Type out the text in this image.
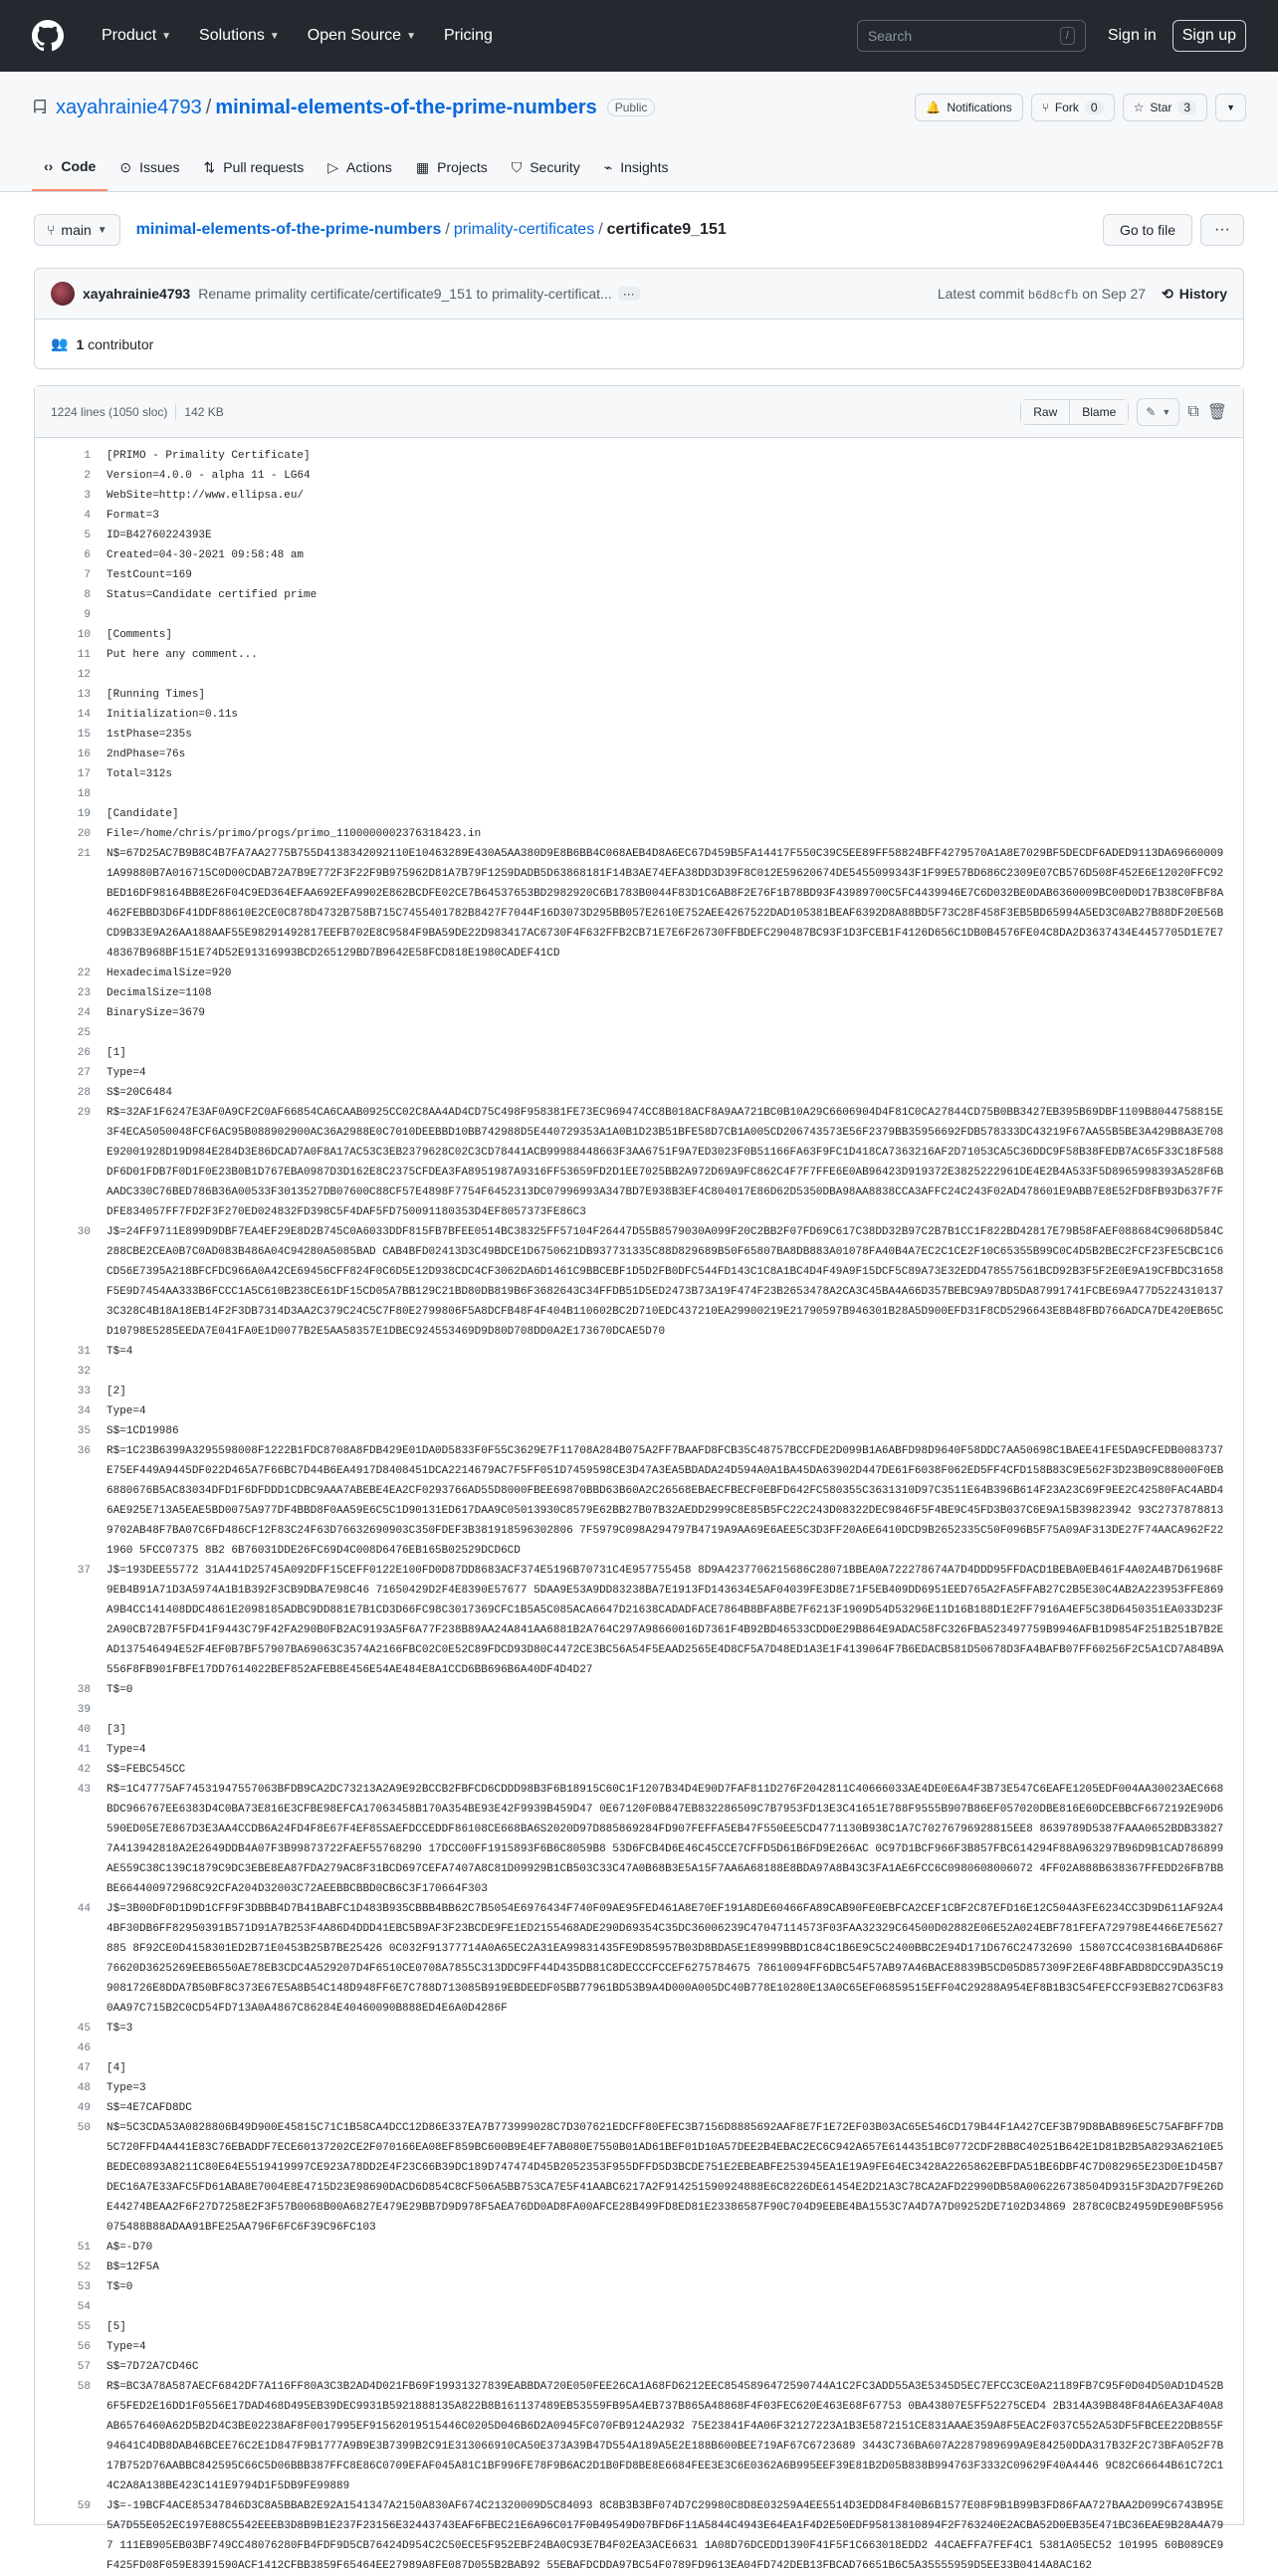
Product ▼ Solutions ▼ Open Source ▼ Pricing	Search	/	Sign in	Sign up
xayahrainie4793 / minimal-elements-of-the-prime-numbers	Public	🔔 Notifications	⑂ Fork	0	☆ Star	3	▼
‹› Code ⊙ Issues ⇅ Pull requests ▷ Actions ▦ Projects ⛉ Security ⌁ Insights
⑂ main ▼ minimal-elements-of-the-prime-numbers / primality-certificates / certificate9_151	Go to file	···
xayahrainie4793 Rename primality certificate/certificate9_151 to primality-certificat... ···	Latest commit b6d8cfb on Sep 27 ⟲ History
👥 1 contributor
1224 lines (1050 sloc) 142 KB	Raw	Blame	✎ ▼ ⧉ 🗑
1	[PRIMO - Primality Certificate]
2	Version=4.0.0 - alpha 11 - LG64
3	WebSite=http://www.ellipsa.eu/
4	Format=3
5	ID=B42760224393E
6	Created=04-30-2021 09:58:48 am
7	TestCount=169
8	Status=Candidate certified prime
9
10	[Comments]
11	Put here any comment...
12
13	[Running Times]
14	Initialization=0.11s
15	1stPhase=235s
16	2ndPhase=76s
17	Total=312s
18
19	[Candidate]
20	File=/home/chris/primo/progs/primo_1100000002376318423.in
21	N$=67D25AC7B9B8C4B7FA7AA2775B755D4138342092110E10463289E430A5AA380D9E8B6BB4C068AEB4D8A6EC67D459B5FA14417F550C39C5EE89FF58824BFF4279570A1A8E7029BF5DECDF6ADED9113DA696600091A99880B7A016715C0D00CDAB72A7B9E772F3F22F9B975962D81A7B79F1259DADB5D63868181F14B3AE74EFA38DD3D39F8C012E59620674DE5455099343F1F99E57BD686C2309E07CB576D508F452E6E12020FFC92BED16DF98164BB8E26F04C9ED364EFAA692EFA9902E862BCDFE02CE7B64537653BD2982920C6B1783B0044F83D1C6AB8F2E76F1B78BD93F43989700C5FC4439946E7C6D032BE0DAB6360009BC00D0D17B38C0FBF8A462FEBBD3D6F41DDF88610E2CE0C878D4732B758B715C7455401782B8427F7044F16D3073D295BB057E2610E752AEE4267522DAD105381BEAF6392D8A88BD5F73C28F458F3EB5BD65994A5ED3C0AB27B88DF20E56BCD9B33E9A26AA188AAF55E98291492817EEFB702E8C9584F9BA59DE22D983417AC6730F4F632FFB2CB71E7E6F26730FFBDEFC290487BC93F1D3FCEB1F4126D656C1DB0B4576FE04C8DA2D3637434E4457705D1E7E748367B968BF151E74D52E91316993BCD265129BD7B9642E58FCD818E1980CADEF41CD
22	HexadecimalSize=920
23	DecimalSize=1108
24	BinarySize=3679
25
26	[1]
27	Type=4
28	S$=20C6484
29	R$=32AF1F6247E3AF0A9CF2C0AF66854CA6CAAB0925CC02C8AA4AD4CD75C498F958381FE73EC969474CC8B018ACF8A9AA721BC0B10A29C6606904D4F81C0CA27844CD75B0BB3427EB395B69DBF1109B8044758815E3F4ECA5050048FCF6AC95B088902900AC36A2988E0C7010DEEBBD10BB742988D5E440729353A1A0B1D23B51BFE58D7CB1A005CD206743573E56F2379BB35956692FDB578333DC43219F67AA55B5BE3A429B8A3E708E92001928D19D984E284D3E86DCAD7A0F8A17AC53C3EB2379628C02C3CD78441ACB99988448663F3AA6751F9A7ED3023F0B51166FA63F9FC1D418CA7363216AF2D71053CA5C36DDC9F58B38FEDB7AC65F33C18F588DF6D01FDB7F0D1F0E23B0B1D767EBA0987D3D162E8C2375CFDEA3FA8951987A9316FF53659FD2D1EE7025BB2A972D69A9FC862C4F7F7FFE6E0AB96423D919372E3825222961DE4E2B4A533F5D8965998393A528F6BAADC330C76BED786B36A00533F3013527DB07600C88CF57E4898F7754F6452313DC07996993A347BD7E938B3EF4C804017E86D62D5350DBA98AA8838CCA3AFFC24C243F02AD478601E9ABB7E8E52FD8FB93D637F7FDFE834057FF7FD2F3F270ED024832FD398C5F4DAF5FD750091180353D4EF8057373FE86C3
30	J$=24FF9711E899D9DBF7EA4EF29E8D2B745C0A6033DDF815FB7BFEE0514BC38325FF57104F26447D55B8579030A099F20C2BB2F07FD69C617C38DD32B97C2B7B1CC1F822BD42817E79B58FAEF088684C9068D584C288CBE2CEA0B7C0AD083B486A04C94280A5085BAD CAB4BFD02413D3C49BDCE1D6750621DB937731335C88D829689B50F65807BA8DB883A01078FA40B4A7EC2C1CE2F10C65355B99C0C4D5B2BEC2FCF23FE5CBC1C6CD56E7395A218BFCFDC966A0A42CE69456CFF824F0C6D5E12D938CDC4CF3062DA6D1461C9BBCEBF1D5D2FB0DFC544FD143C1C8A1BC4D4F49A9F15DCF5C89A73E32EDD478557561BCD92B3F5F2E0E9A19CFBDC31658F5E9D7454AA333B6FCCC1A5C610B238CE61DF15CD05A7BB129C21BD80DB819B6F3682643C34FFDB51D5ED2473B73A19F474F23B2653478A2CA3C45BA4A66D357BEBC9A97BD5DA87991741FCBE69A477D52243101373C328C4B18A18EB14F2F3DB7314D3AA2C379C24C5C7F80E2799806F5A8DCFB48F4F404B110602BC2D710EDC437210EA29900219E21790597B946301B28A5D900EFD31F8CD5296643E8B48FBD766ADCA7DE420EB65CD10798E5285EEDA7E041FA0E1D0077B2E5AA58357E1DBEC924553469D9D80D708DD0A2E173670DCAE5D70
31	T$=4
32
33	[2]
34	Type=4
35	S$=1CD19986
36	R$=1C23B6399A3295598008F1222B1FDC8708A8FDB429E01DA0D5833F0F55C3629E7F11708A284B075A2FF7BAAFD8FCB35C48757BCCFDE2D099B1A6ABFD98D9640F58DDC7AA50698C1BAEE41FE5DA9CFEDB0083737E75EF449A9445DF022D465A7F66BC7D44B6EA4917D8408451DCA2214679AC7F5FF051D7459598CE3D47A3EA5BDADA24D594A0A1BA45DA63902D447DE61F6038F062ED5FF4CFD158B83C9E562F3D23B09C88000F0EB6880676B5AC83034DFD1F6DFDDD1CDBC9AAA7ABEBE4EA2CF0293766AD55D8000FBEE69870BBD63B60A2C26568EBAECFBECF0EBFD642FC580355C3631310D97C3511E64B396B614F23A23C69F9EE2C42580FAC4ABD46AE925E713A5EAE5BD0075A977DF4BBD8F0AA59E6C5C1D90131ED617DAA9C05013930C8579E62BB27B07B32AEDD2999C8E85B5FC22C243D08322DEC9846F5F4BE9C45FD3B037C6E9A15B39823942 93C27378788139702AB48F7BA07C6FD486CF12F83C24F63D76632690903C350FDEF3B381918596302806 7F5979C098A294797B4719A9AA69E6AEE5C3D3FF20A6E6410DCD9B2652335C50F096B5F75A09AF313DE27F74AACA962F221960 5FCC07375 8B2 6B76031DDE26FC69D4C008D6476EB165B02529DCD6CD
37	J$=193DEE55772 31A441D25745A092DFF15CEFF0122E100FD0D87DD8683ACF374E5196B70731C4E957755458 8D9A4237706215686C28071BBEA0A722278674A7D4DDD95FFDACD1BEBA0EB461F4A02A4B7D61968F9EB4B91A71D3A5974A1B1B392F3CB9DBA7E98C46 71650429D2F4E8390E57677 5DAA9E53A9DD83238BA7E1913FD143634E5AF04039FE3D8E71F5EB409DD6951EED765A2FA5FFAB27C2B5E30C4AB2A223953FFE869A9B4CC141408DDC4861E2098185ADBC9DD881E7B1CD3D66FC98C3017369CFC1B5A5C085ACA6647D21638CADADFACE7864B8BFA8BE7F6213F1909D54D53296E11D16B188D1E2FF7916A4EF5C38D6450351EA033D23F2A90CB72B7F5FD41F9443C79F42FA290B0FB2AC9193A5F6A77F238B89AA24A841AA6881B2A764C297A98660016D7361F4B92BD46533CDD0E29B864E9ADAC58FC326FBA523497759B9946AFB1D9854F251B251B7B2EAD137546494E52F4EF0B7BF57907BA69063C3574A2166FBC02C0E52C89FDCD93D80C4472CE3BC56A54F5EAAD2565E4D8CF5A7D48ED1A3E1F4139064F7B6EDACB581D50678D3FA4BAFB07FF60256F2C5A1CD7A84B9A556F8FB901FBFE17DD7614022BEF852AFEB8E456E54AE484E8A1CCD6BB696B6A40DF4D4D27
38	T$=0
39
40	[3]
41	Type=4
42	S$=FEBC545CC
43	R$=1C47775AF74531947557063BFDB9CA2DC73213A2A9E92BCCB2FBFCD6CDDD98B3F6B18915C60C1F1207B34D4E90D7FAF811D276F2042811C40666033AE4DE0E6A4F3B73E547C6EAFE1205EDF004AA30023AEC668BDC966767EE6383D4C0BA73E816E3CFBE98EFCA17063458B170A354BE93E42F9939B459D47 0E67120F0B847EB832286509C7B7953FD13E3C41651E788F9555B907B86EF057020DBE816E60DCEBBCF6672192E90D6590ED05E7E867D3E3AA4CCDB6A24FD4F8E67F4EF85SAEFDCCEDDF86108CE668BA6S2020D97D885869284FD907FEFFA5EB47F550EE5CD4771130B938C1A7C70276796928815EE8 8639789D5387FAAA0652BDB338277A413942818A2E2649DDB4A07F3B99873722FAEF55768290 17DCC00FF1915893F6B6C8059B8 53D6FCB4D6E46C45CCE7CFFD5D61B6FD9E266AC 0C97D1BCF966F3B857FBC614294F88A963297B96D9B1CAD786899AE559C38C139C1879C9DC3EBE8EA87FDA279AC8F31BCD697CEFA7407A8C81D09929B1CB503C33C47A0B68B3E5A15F7AA6A68188E8BDA97A8B43C3FA1AE6FCC6C0980608006072 4FF02A888B638367FFEDD26FB7BBBE664400972968C92CFA204D32003C72AEEBBCBBD0CB6C3F170664F303
44	J$=3B00DF0D1D9D1CFF9F3DBBB4D7B41BABFC1D483B935CBBB4BB62C7B5054E6976434F740F09AE95FED461A8E70EF191A8DE60466FA89CAB90FE0EBFCA2CEF1CBF2C87EFD16E12C504A3FE6234CC3D9D611AF92A44BF30DB6FF82950391B571D91A7B253F4A86D4DDD41EBC5B9AF3F23BCDE9FE1ED2155468ADE290D69354C35DC36006239C47047114573F03FAA32329C64500D02882E06E52A024EBF781FEFA729798E4466E7E5627885 8F92CE0D4158301ED2B71E0453B25B7BE25426 0C032F91377714A0A65EC2A31EA99831435FE9D85957B03D8BDA5E1E8999BBD1C84C1B6E9C5C2400BBC2E94D171D676C24732690 15807CC4C03816BA4D686F76620D3625269EEB6550AE78EB3CDC4A529207D4F6510CE0708A7855C313DDC9FF44D435DB81C8DECCCFCCEF6275784675 78610094FF6DBC54F57AB97A46BACE8839B5CD05D857309F2E6F48BFABD8DCC9DA35C199081726E8DDA7B50BF8C373E67E5A8B54C148D948FF6E7C788D713085B919EBDEEDF05BB77961BD53B9A4D000A005DC40B778E10280E13A0C65EF06859515EFF04C29288A954EF8B1B3C54FEFCCF93EB827CD63F830AA97C715B2C0CD54FD713A0A4867C86284E40460090B888ED4E6A0D4286F
45	T$=3
46
47	[4]
48	Type=3
49	S$=4E7CAFD8DC
50	N$=5C3CDA53A0828806B49D900E45815C71C1B58CA4DCC12D86E337EA7B773999028C7D307621EDCFF80EFEC3B7156D8885692AAF8E7F1E72EF03B03AC65E546CD179B44F1A427CEF3B79D8BAB896E5C75AFBFF7DB5C720FFD4A441E83C76EBADDF7ECE60137202CE2F070166EA08EF859BC600B9E4EF7AB080E7550B01AD61BEF01D10A57DEE2B4EBAC2EC6C942A657E6144351BC0772CDF28B8C40251B642E1D81B2B5A8293A6210E5BEDEC0893A8211C80E64E5519419997CE923A78DD2E4F23C66B39DC189D747474D45B2052353F955DFFD5D3BCDE751E2EBEABFE253945EA1E19A9FE64EC3428A2265862EBFDA51BE6DBF4C7D082965E23D0E1D45B7DEC16A7E33AFC5FD61ABA8E7004E8E4715D23E98690DACD6D854C8CF506A5BB753CA7E5F41AABC6217A2F914251590924888E6C8226DE61454E2D21A3C78CA2AFD22990DB58A006226738504D9315F3DA2D7F9E26DE44274BEAA2F6F27D7258E2F3F57B0068B00A6827E479E29BB7D9D978F5AEA76DD0AD8FA00AFCE28B499FD8ED81E23386587F90C704D9EEBE4BA1553C7A4D7A7D09252DE7102D34869 2878C0CB24959DE90BF5956075488B88ADAA91BFE25AA796F6FC6F39C96FC103
51	A$=-D70
52	B$=12F5A
53	T$=0
54
55	[5]
56	Type=4
57	S$=7D72A7CD46C
58	R$=BC3A78A587AECF6842DF7A116FF80A3C3B2AD4D021FB69F19931327839EABBDA720E050FEE26CA1A68FD6212EEC8545896472590744A1C2FC3ADD55A3E5345D5EC7EFCC3CE0A21189FB7C95F0D04D50AD1D452B6F5FED2E16DD1F0556E17DAD468D495EB39DEC9931B5921888135A822B8B161137489EB53559FB95A4EB737B865A48868F4F03FEC620E463E68F67753 0BA43807E5FF52275CED4 2B314A39B848F84A6EA3AF40A8AB6576460A62D5B2D4C3BE02238AF8F0017995EF91562019515446C0205D046B6D2A0945FC070FB9124A2932 75E23841F4A06F32127223A1B3E5872151CE831AAAE359A8F5EAC2F037C552A53DF5FBCEE22DB855F94641C4DB8DAB46BCEE76C2E1D847F9B1777A9B9E3B7399B2C91E313066910CA50E373A39B47D554A189A5E2E188B600BEE719AF67C6723689 3443C736BA607A2287989699A9E84250DDA317B32F2C73BFA052F7B17B752D76AABBC842595C66C5D06BBB387FFC8E86C0709EFAF045A81C1BF996FE78F9B6AC2D1B0FD8BE8E6684FEE3E3C6E0362A6B995EEF39E81B2D05B838B994763F3332C09629F40A4446 9C82C66644B61C72C14C2A8A138BE423C141E9794D1F5DB9FE99889
59	J$=-19BCF4ACE85347846D3C8A5BBAB2E92A1541347A2150A830AF674C21320009D5C84093 8C8B3B3BF074D7C29980C8D8E03259A4EE5514D3EDD84F840B6B1577E08F9B1B99B3FD86FAA727BAA2D099C6743B95E5A7D55E052EC197E88C5542EEEB3D8B9B1E237F23156E32443743EAF6FBEC21E6A96C017F0B49549D07BFD6F11A5844C4943E64EA1F4D2E50EDF95813810894F2F763240E2ACBA52D0EB35E471BC36EAE9B28A4A797 111EB905EB03BF749CC48076280FB4FDF9D5CB76424D954C2C50ECE5F952EBF24BA0C93E7B4F02EA3ACE6631 1A08D76DCEDD1390F41F5F1C663018EDD2 44CAEFFA7FEF4C1 5381A05EC52 101995 60B089CE9F425FD08F059E8391590ACF1412CFBB3859F65464EE27989A8FE087D055B2BAB92 55EBAFDCDDA97BC54F0789FD9613EA04FD742DEB13FBCAD76651B6C5A35555959D5EE33B0414A8AC162
